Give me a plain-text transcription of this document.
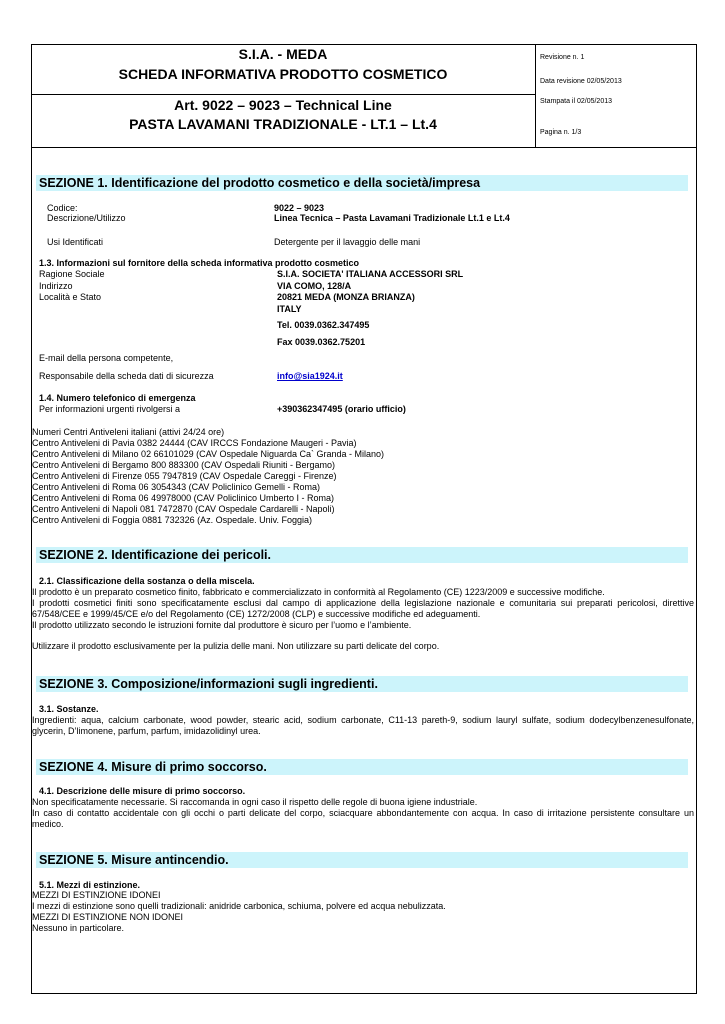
S.I.A. - MEDA
SCHEDA INFORMATIVA PRODOTTO COSMETICO
Art. 9022 – 9023 – Technical Line
PASTA LAVAMANI TRADIZIONALE - LT.1 – Lt.4
Revisione n. 1
Data revisione 02/05/2013
Stampata il 02/05/2013
Pagina n. 1/3
SEZIONE 1. Identificazione del prodotto cosmetico e della società/impresa
Codice:	9022 – 9023
Descrizione/Utilizzo	Linea Tecnica – Pasta Lavamani Tradizionale Lt.1 e Lt.4
Usi Identificati	Detergente per il lavaggio delle mani
1.3. Informazioni sul fornitore della scheda informativa prodotto cosmetico
Ragione Sociale	S.I.A. SOCIETA' ITALIANA ACCESSORI SRL
Indirizzo	VIA COMO, 128/A
Località e Stato	20821 MEDA (MONZA BRIANZA)
ITALY
Tel. 0039.0362.347495
Fax 0039.0362.75201
E-mail della persona competente,
Responsabile della scheda dati di sicurezza	info@sia1924.it
1.4. Numero telefonico di emergenza
Per informazioni urgenti rivolgersi a	+390362347495 (orario ufficio)
Numeri Centri Antiveleni italiani (attivi 24/24 ore)
Centro Antiveleni di Pavia 0382 24444 (CAV IRCCS Fondazione Maugeri - Pavia)
Centro Antiveleni di Milano 02 66101029 (CAV Ospedale Niguarda Ca` Granda - Milano)
Centro Antiveleni di Bergamo 800 883300 (CAV Ospedali Riuniti - Bergamo)
Centro Antiveleni di Firenze 055 7947819 (CAV Ospedale Careggi - Firenze)
Centro Antiveleni di Roma 06 3054343 (CAV Policlinico Gemelli - Roma)
Centro Antiveleni di Roma 06 49978000 (CAV Policlinico Umberto I - Roma)
Centro Antiveleni di Napoli 081 7472870 (CAV Ospedale Cardarelli - Napoli)
Centro Antiveleni di Foggia 0881 732326 (Az. Ospedale. Univ. Foggia)
SEZIONE 2. Identificazione dei pericoli.
2.1. Classificazione della sostanza o della miscela.
Il prodotto è un preparato cosmetico finito, fabbricato e commercializzato in conformità al Regolamento (CE) 1223/2009 e successive modifiche.
I prodotti cosmetici finiti sono specificatamente esclusi dal campo di applicazione della legislazione nazionale e comunitaria sui preparati pericolosi, direttive 67/548/CEE e 1999/45/CE e/o del Regolamento (CE) 1272/2008 (CLP) e successive modifiche ed adeguamenti.
Il prodotto utilizzato secondo le istruzioni fornite dal produttore è sicuro per l’uomo e l’ambiente.
Utilizzare il prodotto esclusivamente per la pulizia delle mani. Non utilizzare su parti delicate del corpo.
SEZIONE 3. Composizione/informazioni sugli ingredienti.
3.1. Sostanze.
Ingredienti: aqua, calcium carbonate, wood powder, stearic acid, sodium carbonate, C11-13 pareth-9, sodium lauryl sulfate, sodium dodecylbenzenesulfonate, glycerin, D’limonene, parfum, parfum, imidazolidinyl urea.
SEZIONE 4. Misure di primo soccorso.
4.1. Descrizione delle misure di primo soccorso.
Non specificatamente necessarie. Si raccomanda in ogni caso il rispetto delle regole di buona igiene industriale.
In caso di contatto accidentale con gli occhi o parti delicate del corpo, sciacquare abbondantemente con acqua. In caso di irritazione persistente consultare un medico.
SEZIONE 5. Misure antincendio.
5.1. Mezzi di estinzione.
MEZZI DI ESTINZIONE IDONEI
I mezzi di estinzione sono quelli tradizionali: anidride carbonica, schiuma, polvere ed acqua nebulizzata.
MEZZI DI ESTINZIONE NON IDONEI
Nessuno in particolare.
